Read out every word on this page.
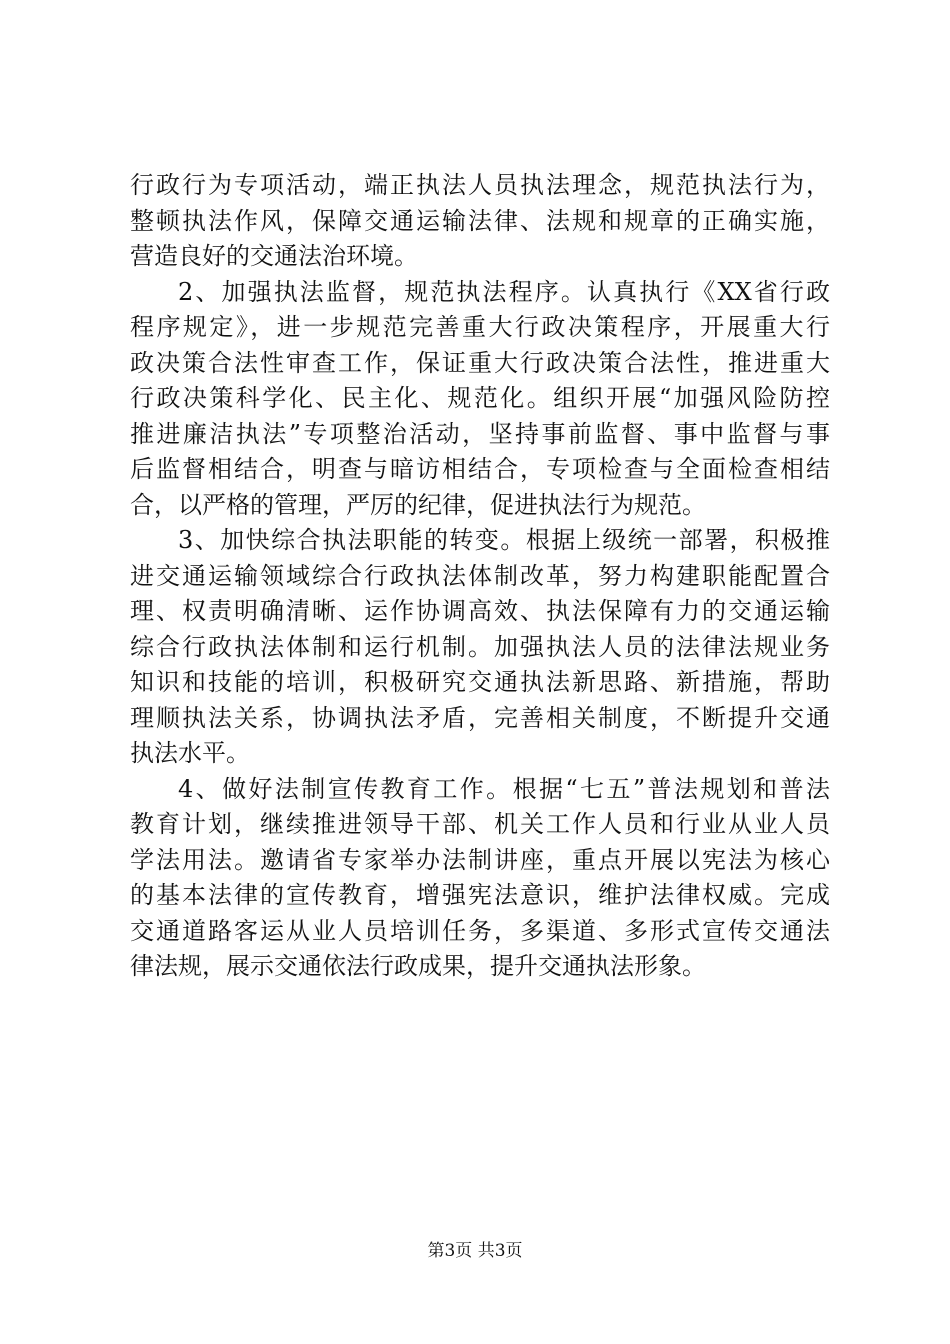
行政行为专项活动，端正执法人员执法理念，规范执法行为，
整顿执法作风，保障交通运输法律、法规和规章的正确实施，
营造良好的交通法治环境。
2、加强执法监督，规范执法程序。认真执行《XX省行政
程序规定》，进一步规范完善重大行政决策程序，开展重大行
政决策合法性审查工作，保证重大行政决策合法性，推进重大
行政决策科学化、民主化、规范化。组织开展“加强风险防控
推进廉洁执法”专项整治活动，坚持事前监督、事中监督与事
后监督相结合，明查与暗访相结合，专项检查与全面检查相结
合，以严格的管理，严厉的纪律，促进执法行为规范。
3、加快综合执法职能的转变。根据上级统一部署，积极推
进交通运输领域综合行政执法体制改革，努力构建职能配置合
理、权责明确清晰、运作协调高效、执法保障有力的交通运输
综合行政执法体制和运行机制。加强执法人员的法律法规业务
知识和技能的培训，积极研究交通执法新思路、新措施，帮助
理顺执法关系，协调执法矛盾，完善相关制度，不断提升交通
执法水平。
4、做好法制宣传教育工作。根据“七五”普法规划和普法
教育计划，继续推进领导干部、机关工作人员和行业从业人员
学法用法。邀请省专家举办法制讲座，重点开展以宪法为核心
的基本法律的宣传教育，增强宪法意识，维护法律权威。完成
交通道路客运从业人员培训任务，多渠道、多形式宣传交通法
律法规，展示交通依法行政成果，提升交通执法形象。
第3页 共3页
